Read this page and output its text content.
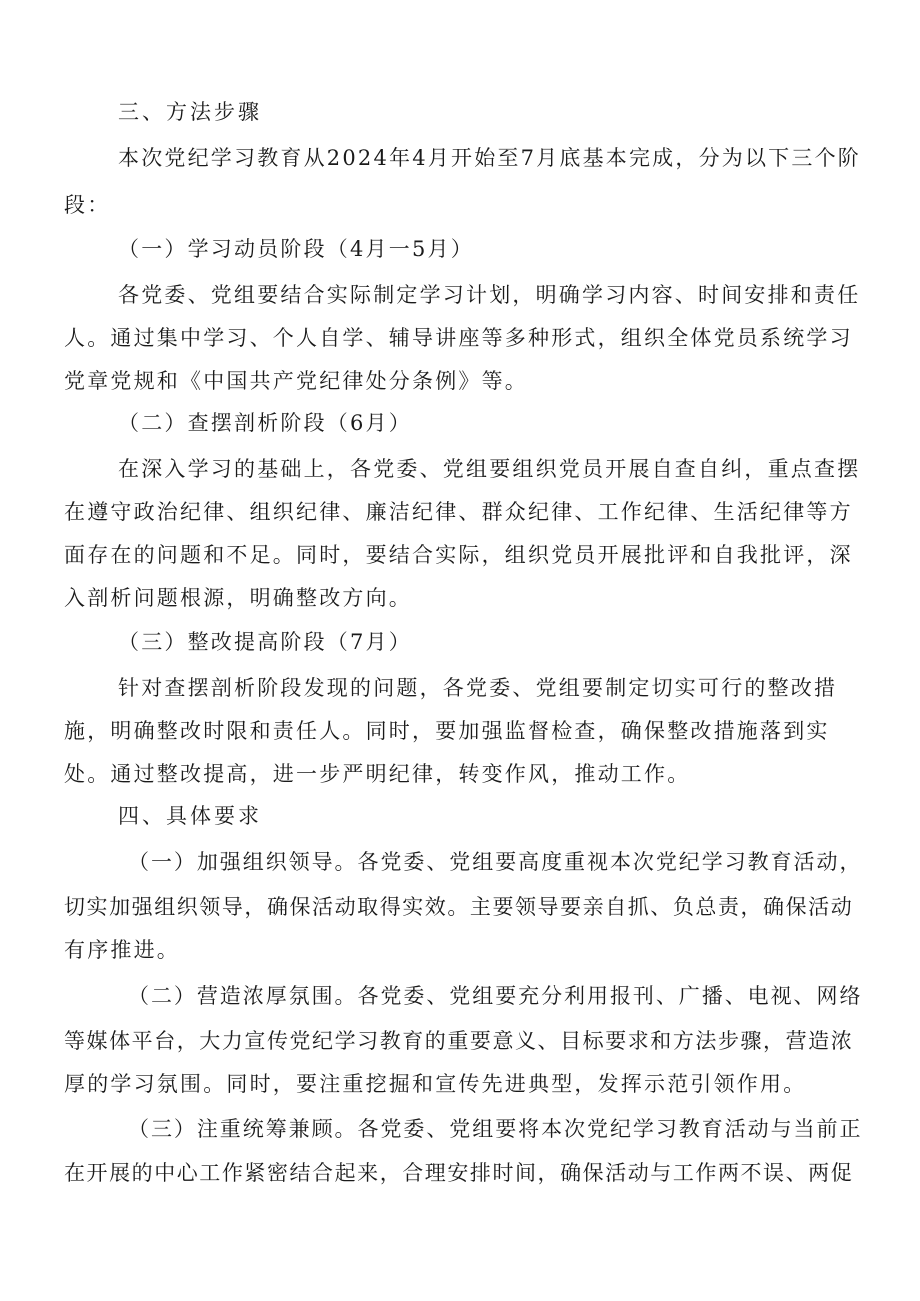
三、方法步骤
本次党纪学习教育从2024年4月开始至7月底基本完成，分为以下三个阶
段：
（一）学习动员阶段（4月一5月）
各党委、党组要结合实际制定学习计划，明确学习内容、时间安排和责任
人。通过集中学习、个人自学、辅导讲座等多种形式，组织全体党员系统学习
党章党规和《中国共产党纪律处分条例》等。
（二）查摆剖析阶段（6月）
在深入学习的基础上，各党委、党组要组织党员开展自查自纠，重点查摆
在遵守政治纪律、组织纪律、廉洁纪律、群众纪律、工作纪律、生活纪律等方
面存在的问题和不足。同时，要结合实际，组织党员开展批评和自我批评，深
入剖析问题根源，明确整改方向。
（三）整改提高阶段（7月）
针对查摆剖析阶段发现的问题，各党委、党组要制定切实可行的整改措
施，明确整改时限和责任人。同时，要加强监督检查，确保整改措施落到实
处。通过整改提高，进一步严明纪律，转变作风，推动工作。
四、具体要求
（一）加强组织领导。各党委、党组要高度重视本次党纪学习教育活动，
切实加强组织领导，确保活动取得实效。主要领导要亲自抓、负总责，确保活动
有序推进。
（二）营造浓厚氛围。各党委、党组要充分利用报刊、广播、电视、网络
等媒体平台，大力宣传党纪学习教育的重要意义、目标要求和方法步骤，营造浓
厚的学习氛围。同时，要注重挖掘和宣传先进典型，发挥示范引领作用。
（三）注重统筹兼顾。各党委、党组要将本次党纪学习教育活动与当前正
在开展的中心工作紧密结合起来，合理安排时间，确保活动与工作两不误、两促
